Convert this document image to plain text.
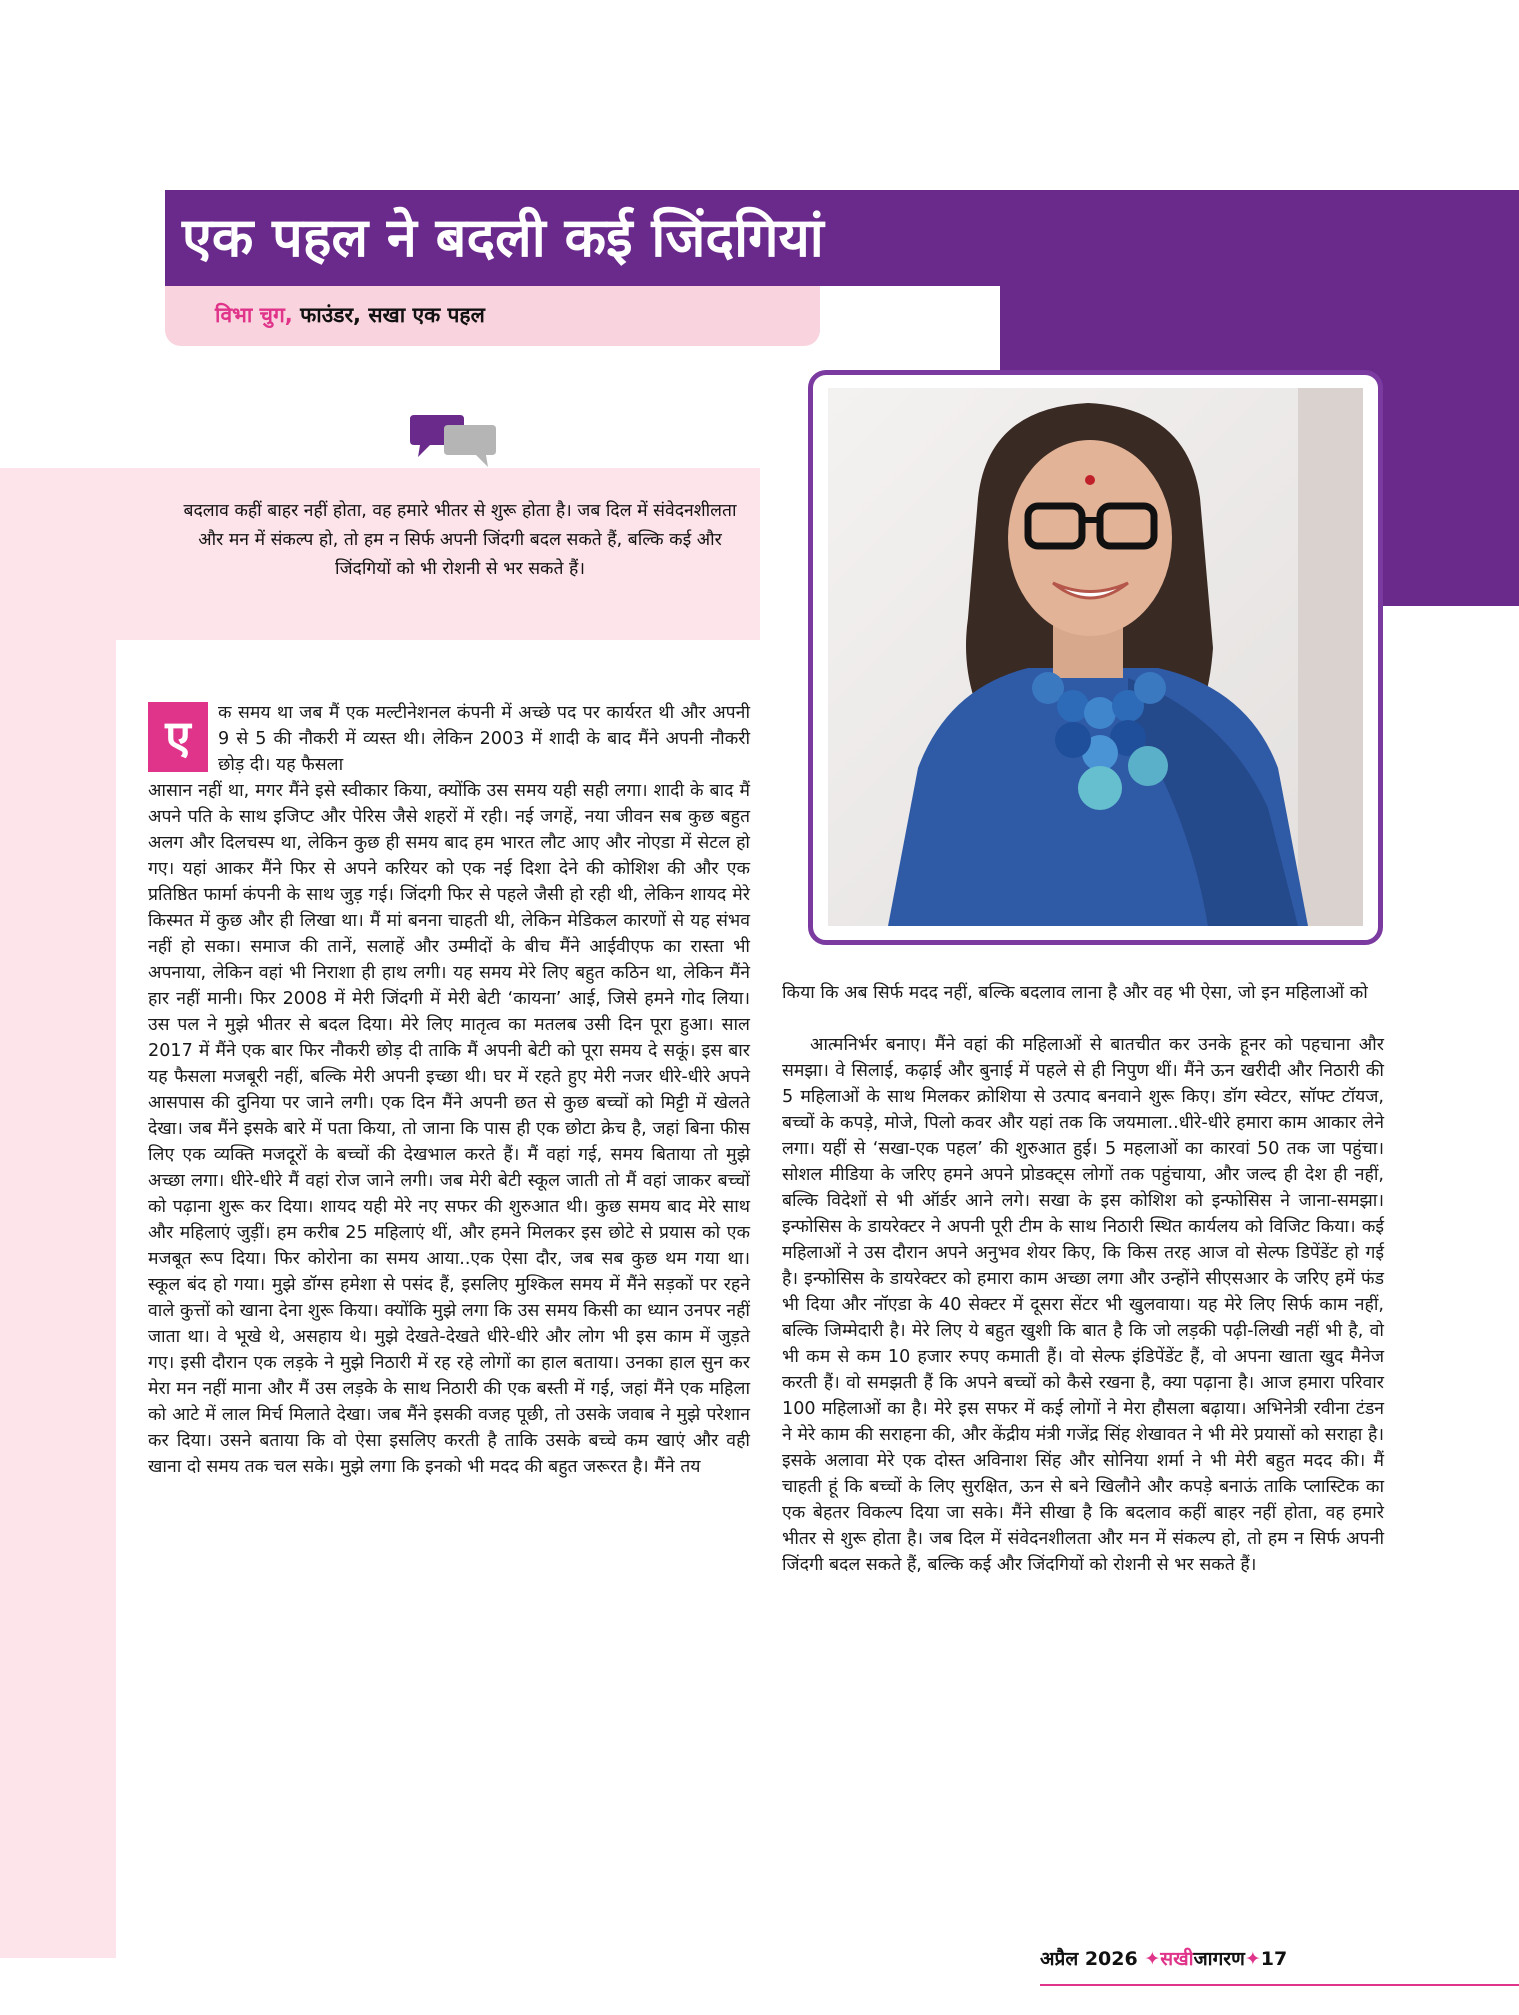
एक पहल ने बदली कई जिंदगियां
विभा चुग, फाउंडर, सखा एक पहल

बदलाव कहीं बाहर नहीं होता, वह हमारे भीतर से शुरू होता है। जब दिल में संवेदनशीलता और मन में संकल्प हो, तो हम न सिर्फ अपनी जिंदगी बदल सकते हैं, बल्कि कई और जिंदगियों को भी रोशनी से भर सकते हैं।

ए	क समय था जब मैं एक मल्टीनेशनल कंपनी में अच्छे पद पर कार्यरत थी और अपनी 9 से 5 की नौकरी में व्यस्त थी। लेकिन 2003 में शादी के बाद मैंने अपनी नौकरी छोड़ दी। यह फैसला

आसान नहीं था, मगर मैंने इसे स्वीकार किया, क्योंकि उस समय यही सही लगा। शादी के बाद मैं अपने पति के साथ इजिप्ट और पेरिस जैसे शहरों में रही। नई जगहें, नया जीवन सब कुछ बहुत अलग और दिलचस्प था, लेकिन कुछ ही समय बाद हम भारत लौट आए और नोएडा में सेटल हो गए। यहां आकर मैंने फिर से अपने करियर को एक नई दिशा देने की कोशिश की और एक प्रतिष्ठित फार्मा कंपनी के साथ जुड़ गई। जिंदगी फिर से पहले जैसी हो रही थी, लेकिन शायद मेरे किस्मत में कुछ और ही लिखा था। मैं मां बनना चाहती थी, लेकिन मेडिकल कारणों से यह संभव नहीं हो सका। समाज की तानें, सलाहें और उम्मीदों के बीच मैंने आईवीएफ का रास्ता भी अपनाया, लेकिन वहां भी निराशा ही हाथ लगी। यह समय मेरे लिए बहुत कठिन था, लेकिन मैंने हार नहीं मानी। फिर 2008 में मेरी जिंदगी में मेरी बेटी ‘कायना’ आई, जिसे हमने गोद लिया। उस पल ने मुझे भीतर से बदल दिया। मेरे लिए मातृत्व का मतलब उसी दिन पूरा हुआ। साल 2017 में मैंने एक बार फिर नौकरी छोड़ दी ताकि मैं अपनी बेटी को पूरा समय दे सकूं। इस बार यह फैसला मजबूरी नहीं, बल्कि मेरी अपनी इच्छा थी। घर में रहते हुए मेरी नजर धीरे-धीरे अपने आसपास की दुनिया पर जाने लगी। एक दिन मैंने अपनी छत से कुछ बच्चों को मिट्टी में खेलते देखा। जब मैंने इसके बारे में पता किया, तो जाना कि पास ही एक छोटा क्रेच है, जहां बिना फीस लिए एक व्यक्ति मजदूरों के बच्चों की देखभाल करते हैं। मैं वहां गई, समय बिताया तो मुझे अच्छा लगा। धीरे-धीरे मैं वहां रोज जाने लगी। जब मेरी बेटी स्कूल जाती तो मैं वहां जाकर बच्चों को पढ़ाना शुरू कर दिया। शायद यही मेरे नए सफर की शुरुआत थी। कुछ समय बाद मेरे साथ और महिलाएं जुड़ीं। हम करीब 25 महिलाएं थीं, और हमने मिलकर इस छोटे से प्रयास को एक मजबूत रूप दिया। फिर कोरोना का समय आया..एक ऐसा दौर, जब सब कुछ थम गया था। स्कूल बंद हो गया। मुझे डॉग्स हमेशा से पसंद हैं, इसलिए मुश्किल समय में मैंने सड़कों पर रहने वाले कुत्तों को खाना देना शुरू किया। क्योंकि मुझे लगा कि उस समय किसी का ध्यान उनपर नहीं जाता था। वे भूखे थे, असहाय थे। मुझे देखते-देखते धीरे-धीरे और लोग भी इस काम में जुड़ते गए। इसी दौरान एक लड़के ने मुझे निठारी में रह रहे लोगों का हाल बताया। उनका हाल सुन कर मेरा मन नहीं माना और मैं उस लड़के के साथ निठारी की एक बस्ती में गई, जहां मैंने एक महिला को आटे में लाल मिर्च मिलाते देखा। जब मैंने इसकी वजह पूछी, तो उसके जवाब ने मुझे परेशान कर दिया। उसने बताया कि वो ऐसा इसलिए करती है ताकि उसके बच्चे कम खाएं और वही खाना दो समय तक चल सके। मुझे लगा कि इनको भी मदद की बहुत जरूरत है। मैंने तय

किया कि अब सिर्फ मदद नहीं, बल्कि बदलाव लाना है और वह भी ऐसा, जो इन महिलाओं को

आत्मनिर्भर बनाए। मैंने वहां की महिलाओं से बातचीत कर उनके हूनर को पहचाना और समझा। वे सिलाई, कढ़ाई और बुनाई में पहले से ही निपुण थीं। मैंने ऊन खरीदी और निठारी की 5 महिलाओं के साथ मिलकर क्रोशिया से उत्पाद बनवाने शुरू किए। डॉग स्वेटर, सॉफ्ट टॉयज, बच्चों के कपड़े, मोजे, पिलो कवर और यहां तक कि जयमाला..धीरे-धीरे हमारा काम आकार लेने लगा। यहीं से ‘सखा-एक पहल’ की शुरुआत हुई। 5 महलाओं का कारवां 50 तक जा पहुंचा। सोशल मीडिया के जरिए हमने अपने प्रोडक्ट्स लोगों तक पहुंचाया, और जल्द ही देश ही नहीं, बल्कि विदेशों से भी ऑर्डर आने लगे। सखा के इस कोशिश को इन्फोसिस ने जाना-समझा। इन्फोसिस के डायरेक्टर ने अपनी पूरी टीम के साथ निठारी स्थित कार्यलय को विजिट किया। कई महिलाओं ने उस दौरान अपने अनुभव शेयर किए, कि किस तरह आज वो सेल्फ डिपेंडेंट हो गई है। इन्फोसिस के डायरेक्टर को हमारा काम अच्छा लगा और उन्होंने सीएसआर के जरिए हमें फंड भी दिया और नॉएडा के 40 सेक्टर में दूसरा सेंटर भी खुलवाया। यह मेरे लिए सिर्फ काम नहीं, बल्कि जिम्मेदारी है। मेरे लिए ये बहुत खुशी कि बात है कि जो लड़की पढ़ी-लिखी नहीं भी है, वो भी कम से कम 10 हजार रुपए कमाती हैं। वो सेल्फ इंडिपेंडेंट हैं, वो अपना खाता खुद मैनेज करती हैं। वो समझती हैं कि अपने बच्चों को कैसे रखना है, क्या पढ़ाना है। आज हमारा परिवार 100 महिलाओं का है। मेरे इस सफर में कई लोगों ने मेरा हौसला बढ़ाया। अभिनेत्री रवीना टंडन ने मेरे काम की सराहना की, और केंद्रीय मंत्री गजेंद्र सिंह शेखावत ने भी मेरे प्रयासों को सराहा है। इसके अलावा मेरे एक दोस्त अविनाश सिंह और सोनिया शर्मा ने भी मेरी बहुत मदद की। मैं चाहती हूं कि बच्चों के लिए सुरक्षित, ऊन से बने खिलौने और कपड़े बनाऊं ताकि प्लास्टिक का एक बेहतर विकल्प दिया जा सके। मैंने सीखा है कि बदलाव कहीं बाहर नहीं होता, वह हमारे भीतर से शुरू होता है। जब दिल में संवेदनशीलता और मन में संकल्प हो, तो हम न सिर्फ अपनी जिंदगी बदल सकते हैं, बल्कि कई और जिंदगियों को रोशनी से भर सकते हैं।

अप्रैल 2026 ✦सखीजागरण✦17
